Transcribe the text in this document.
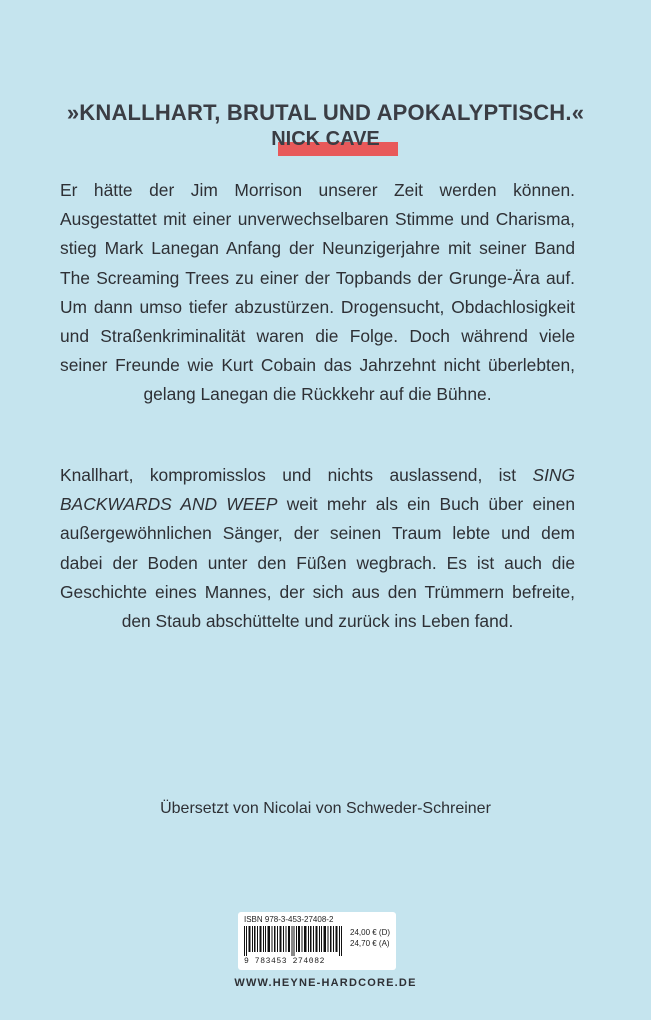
»KNALLHART, BRUTAL UND APOKALYPTISCH.«
NICK CAVE
Er hätte der Jim Morrison unserer Zeit werden können. Ausgestattet mit einer unverwechselbaren Stimme und Charisma, stieg Mark Lanegan Anfang der Neunzigerjahre mit seiner Band The Screaming Trees zu einer der Topbands der Grunge-Ära auf. Um dann umso tiefer abzustürzen. Drogensucht, Obdachlosigkeit und Straßenkriminalität waren die Folge. Doch während viele seiner Freunde wie Kurt Cobain das Jahrzehnt nicht überlebten, gelang Lanegan die Rückkehr auf die Bühne.
Knallhart, kompromisslos und nichts auslassend, ist SING BACKWARDS AND WEEP weit mehr als ein Buch über einen außergewöhnlichen Sänger, der seinen Traum lebte und dem dabei der Boden unter den Füßen wegbrach. Es ist auch die Geschichte eines Mannes, der sich aus den Trümmern befreite, den Staub abschüttelte und zurück ins Leben fand.
Übersetzt von Nicolai von Schweder-Schreiner
ISBN 978-3-453-27408-2
9 783453 274082
24,00 € (D)
24,70 € (A)
WWW.HEYNE-HARDCORE.DE
